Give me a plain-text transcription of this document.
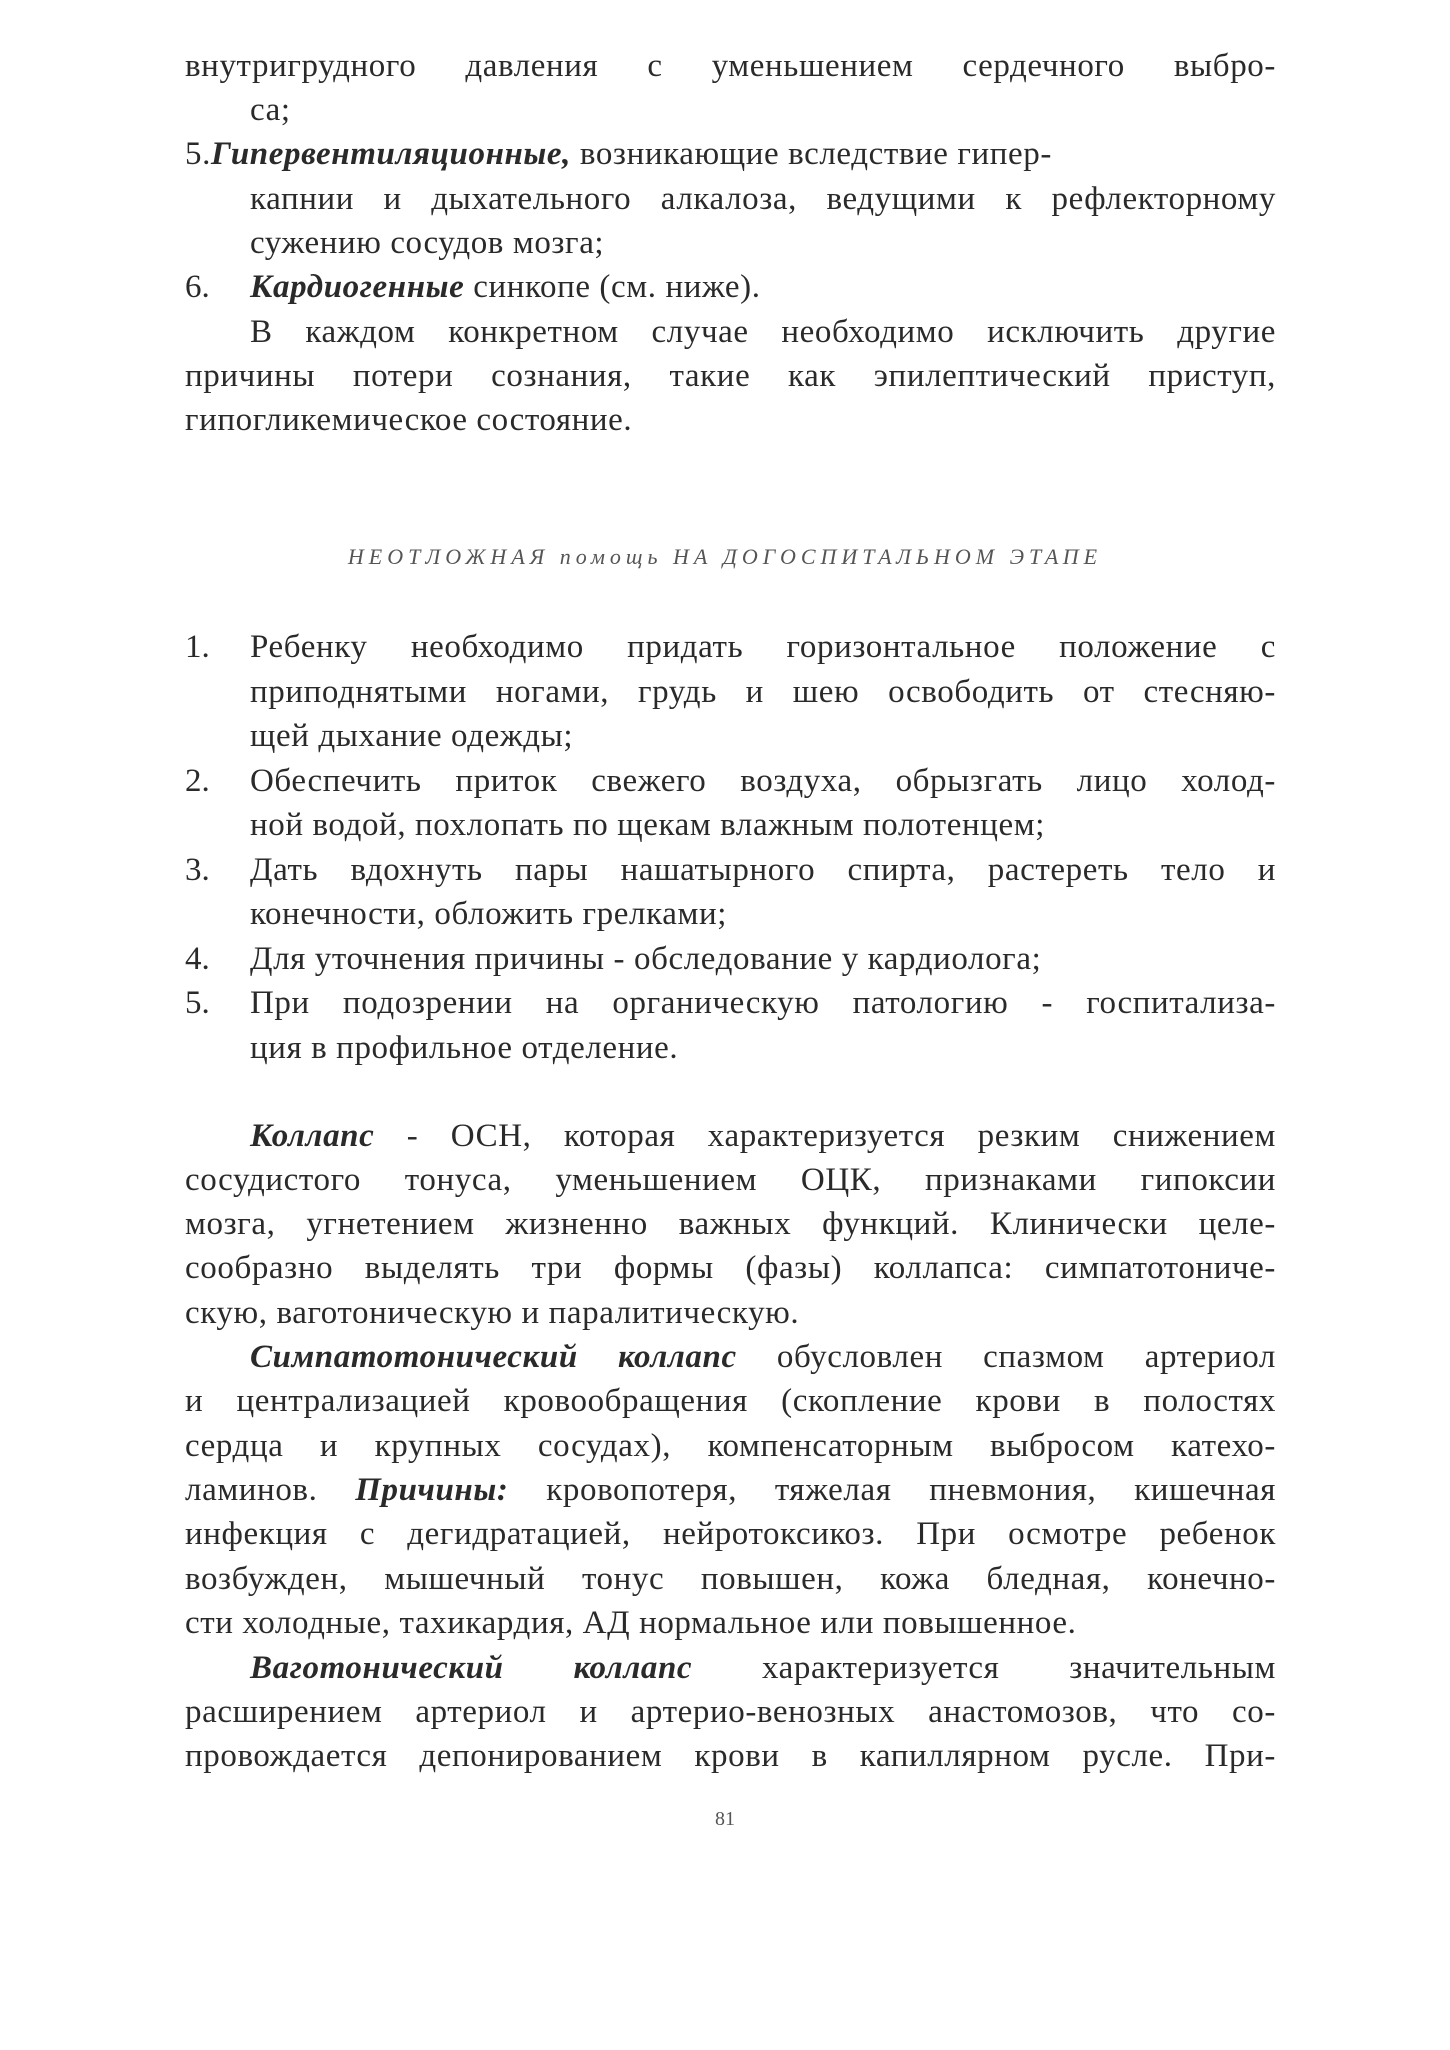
внутригрудного давления с уменьшением сердечного выбро-
са;
5.Гипервентиляционные, возникающие вследствие гипер-
капнии и дыхательного алкалоза, ведущими к рефлекторному
сужению сосудов мозга;
6. Кардиогенные синкопе (см. ниже).
В каждом конкретном случае необходимо исключить другие
причины потери сознания, такие как эпилептический приступ,
гипогликемическое состояние.
НЕОТЛОЖНАЯ помощь НА ДОГОСПИТАЛЬНОМ ЭТАПЕ
1. Ребенку необходимо придать горизонтальное положение с
приподнятыми ногами, грудь и шею освободить от стесняю-
щей дыхание одежды;
2. Обеспечить приток свежего воздуха, обрызгать лицо холод-
ной водой, похлопать по щекам влажным полотенцем;
3. Дать вдохнуть пары нашатырного спирта, растереть тело и
конечности, обложить грелками;
4. Для уточнения причины - обследование у кардиолога;
5. При подозрении на органическую патологию - госпитализа-
ция в профильное отделение.
Коллапс - ОСН, которая характеризуется резким снижением
сосудистого тонуса, уменьшением ОЦК, признаками гипоксии
мозга, угнетением жизненно важных функций. Клинически целе-
сообразно выделять три формы (фазы) коллапса: симпатотониче-
скую, ваготоническую и паралитическую.
Симпатотонический коллапс обусловлен спазмом артериол
и централизацией кровообращения (скопление крови в полостях
сердца и крупных сосудах), компенсаторным выбросом катехо-
ламинов. Причины: кровопотеря, тяжелая пневмония, кишечная
инфекция с дегидратацией, нейротоксикоз. При осмотре ребенок
возбужден, мышечный тонус повышен, кожа бледная, конечно-
сти холодные, тахикардия, АД нормальное или повышенное.
Ваготонический коллапс характеризуется значительным
расширением артериол и артерио-венозных анастомозов, что со-
провождается депонированием крови в капиллярном русле. При-
81
